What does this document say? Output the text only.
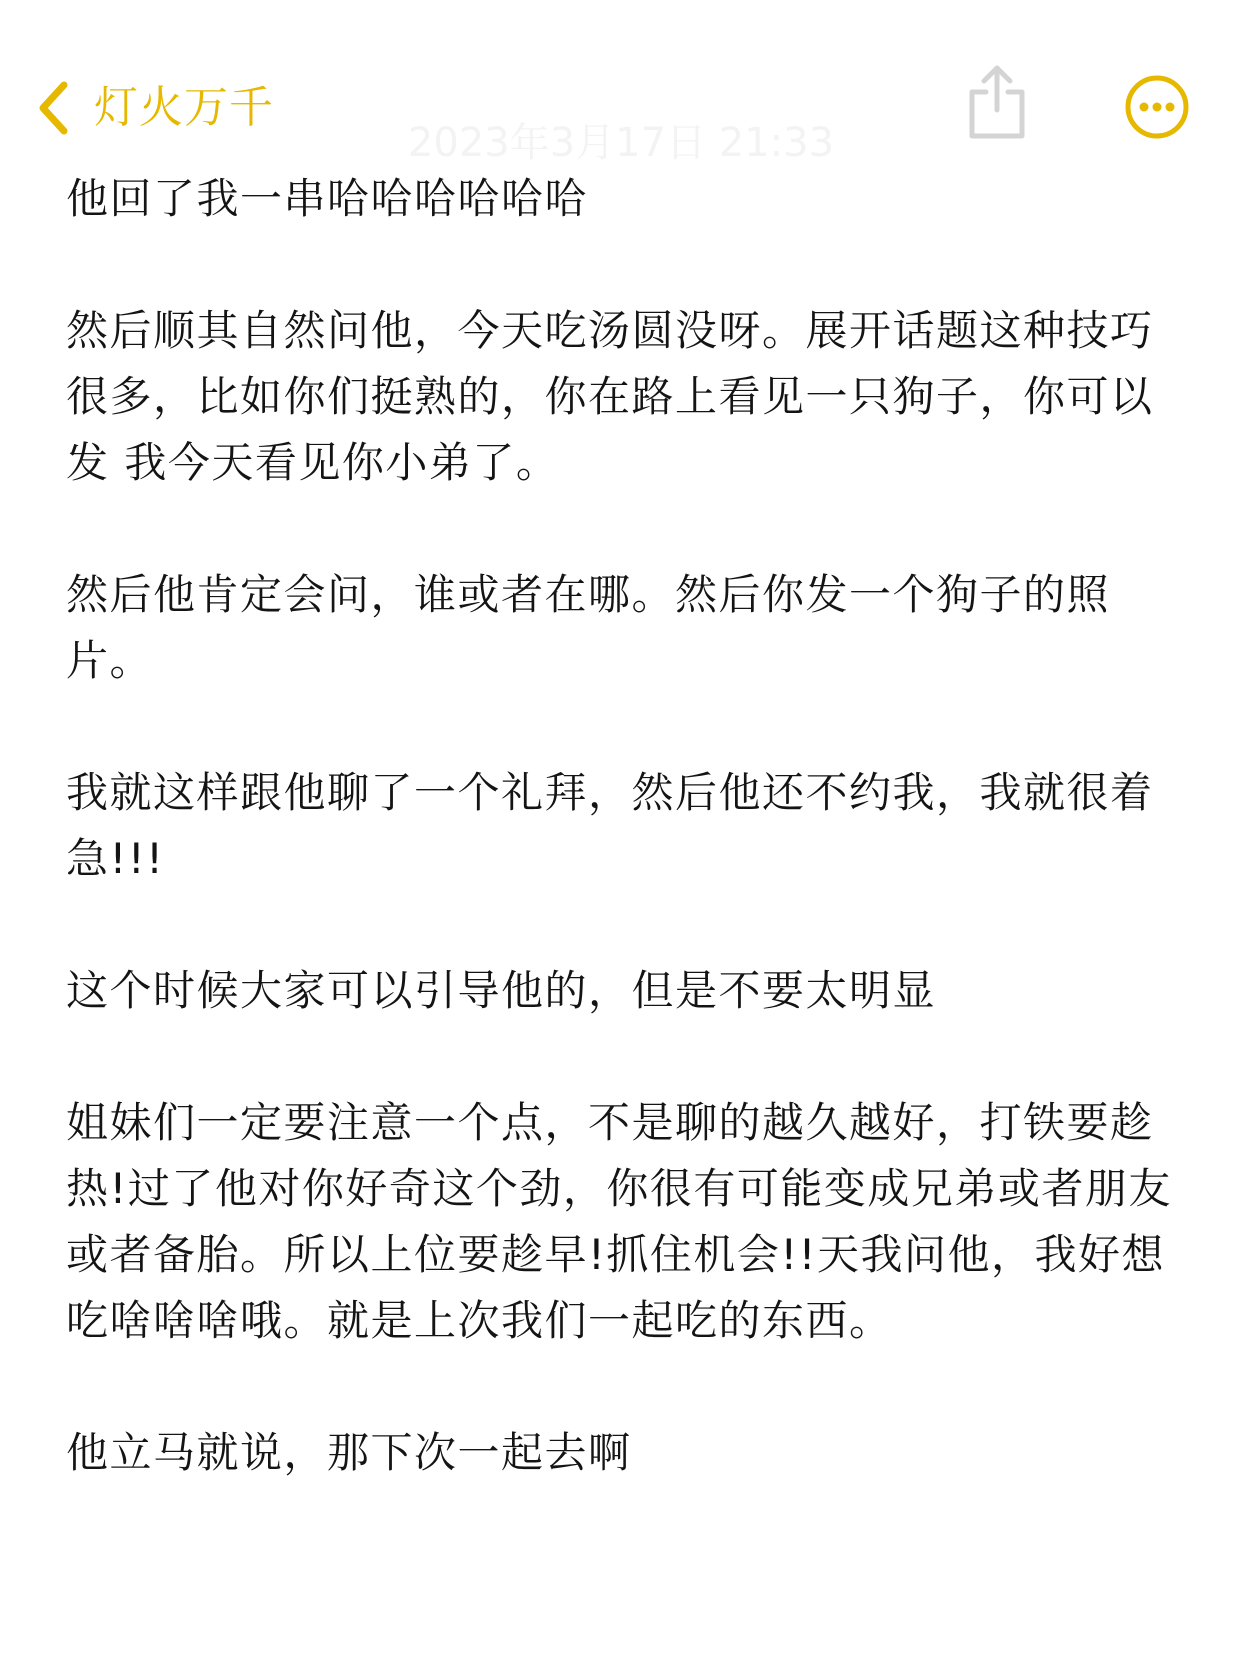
灯火万千
2023年3月17日 21:33

他回了我一串哈哈哈哈哈哈

然后顺其自然问他，今天吃汤圆没呀。展开话题这种技巧很多，比如你们挺熟的，你在路上看见一只狗子，你可以发 我今天看见你小弟了。

然后他肯定会问，谁或者在哪。然后你发一个狗子的照片。

我就这样跟他聊了一个礼拜，然后他还不约我，我就很着急!!!

这个时候大家可以引导他的，但是不要太明显

姐妹们一定要注意一个点，不是聊的越久越好，打铁要趁热!过了他对你好奇这个劲，你很有可能变成兄弟或者朋友或者备胎。所以上位要趁早!抓住机会!!天我问他，我好想吃啥啥啥哦。就是上次我们一起吃的东西。

他立马就说，那下次一起去啊
